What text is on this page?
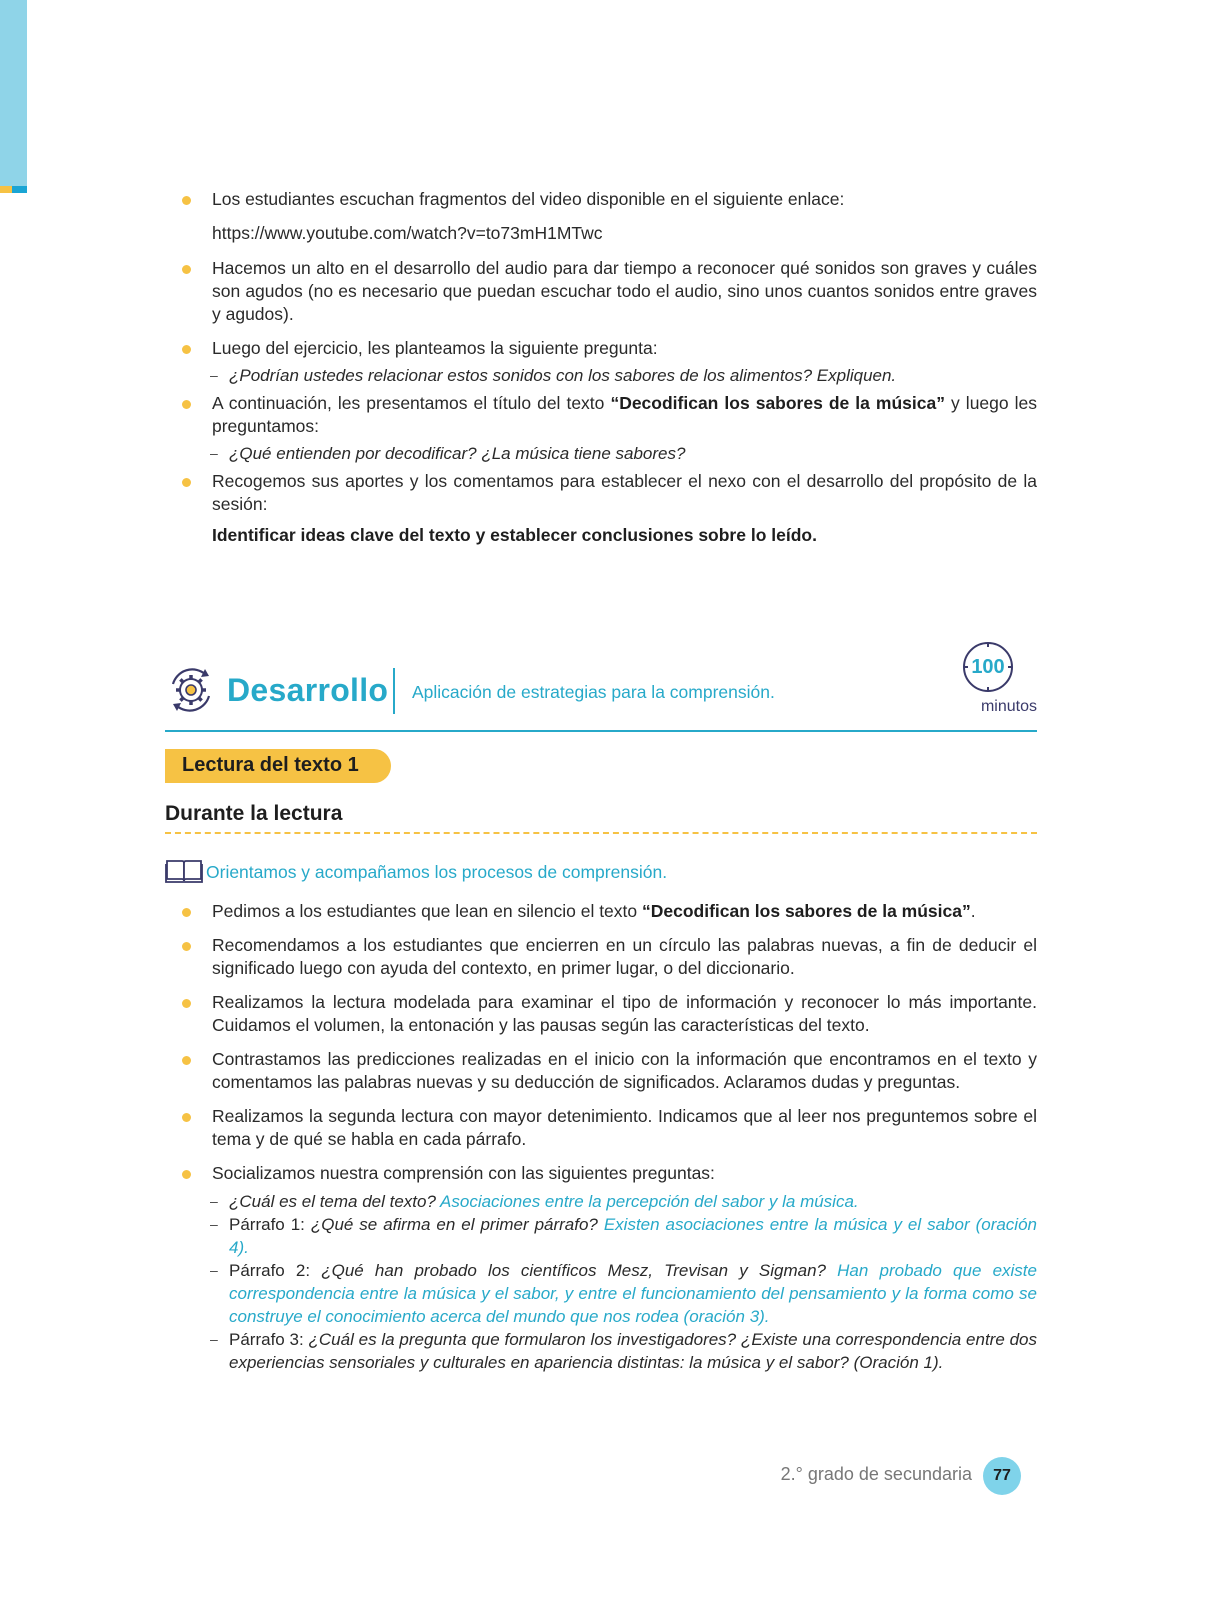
Los estudiantes escuchan fragmentos del video disponible en el siguiente enlace:
https://www.youtube.com/watch?v=to73mH1MTwc
Hacemos un alto en el desarrollo del audio para dar tiempo a reconocer qué sonidos son graves y cuáles son agudos (no es necesario que puedan escuchar todo el audio, sino unos cuantos sonidos entre graves y agudos).
Luego del ejercicio, les planteamos la siguiente pregunta:
– ¿Podrían ustedes relacionar estos sonidos con los sabores de los alimentos? Expliquen.
A continuación, les presentamos el título del texto “Decodifican los sabores de la música” y luego les preguntamos:
– ¿Qué entienden por decodificar? ¿La música tiene sabores?
Recogemos sus aportes y los comentamos para establecer el nexo con el desarrollo del propósito de la sesión:
Identificar ideas clave del texto y establecer conclusiones sobre lo leído.
Desarrollo Aplicación de estrategias para la comprensión.
100
minutos
Lectura del texto 1
Durante la lectura
Orientamos y acompañamos los procesos de comprensión.
Pedimos a los estudiantes que lean en silencio el texto “Decodifican los sabores de la música”.
Recomendamos a los estudiantes que encierren en un círculo las palabras nuevas, a fin de deducir el significado luego con ayuda del contexto, en primer lugar, o del diccionario.
Realizamos la lectura modelada para examinar el tipo de información y reconocer lo más importante. Cuidamos el volumen, la entonación y las pausas según las características del texto.
Contrastamos las predicciones realizadas en el inicio con la información que encontramos en el texto y comentamos las palabras nuevas y su deducción de significados. Aclaramos dudas y preguntas.
Realizamos la segunda lectura con mayor detenimiento. Indicamos que al leer nos preguntemos sobre el tema y de qué se habla en cada párrafo.
Socializamos nuestra comprensión con las siguientes preguntas:
– ¿Cuál es el tema del texto? Asociaciones entre la percepción del sabor y la música.
– Párrafo 1: ¿Qué se afirma en el primer párrafo? Existen asociaciones entre la música y el sabor (oración 4).
– Párrafo 2: ¿Qué han probado los científicos Mesz, Trevisan y Sigman? Han probado que existe correspondencia entre la música y el sabor, y entre el funcionamiento del pensamiento y la forma como se construye el conocimiento acerca del mundo que nos rodea (oración 3).
– Párrafo 3: ¿Cuál es la pregunta que formularon los investigadores? ¿Existe una correspondencia entre dos experiencias sensoriales y culturales en apariencia distintas: la música y el sabor? (Oración 1).
2.° grado de secundaria	77
